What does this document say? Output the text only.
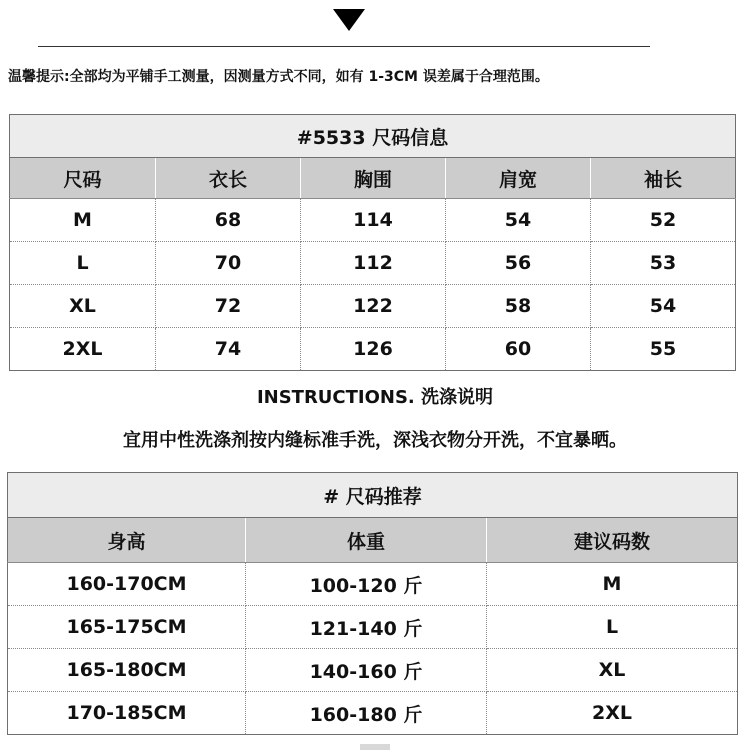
温馨提示:全部均为平铺手工测量，因测量方式不同，如有 1-3CM 误差属于合理范围。
#5533 尺码信息				
尺码	衣长	胸围	肩宽	袖长
M	68	114	54	52
L	70	112	56	53
XL	72	122	58	54
2XL	74	126	60	55
INSTRUCTIONS. 洗涤说明
宜用中性洗涤剂按内缝标准手洗，深浅衣物分开洗，不宜暴晒。
# 尺码推荐		
身高	体重	建议码数
160-170CM	100-120 斤	M
165-175CM	121-140 斤	L
165-180CM	140-160 斤	XL
170-185CM	160-180 斤	2XL
